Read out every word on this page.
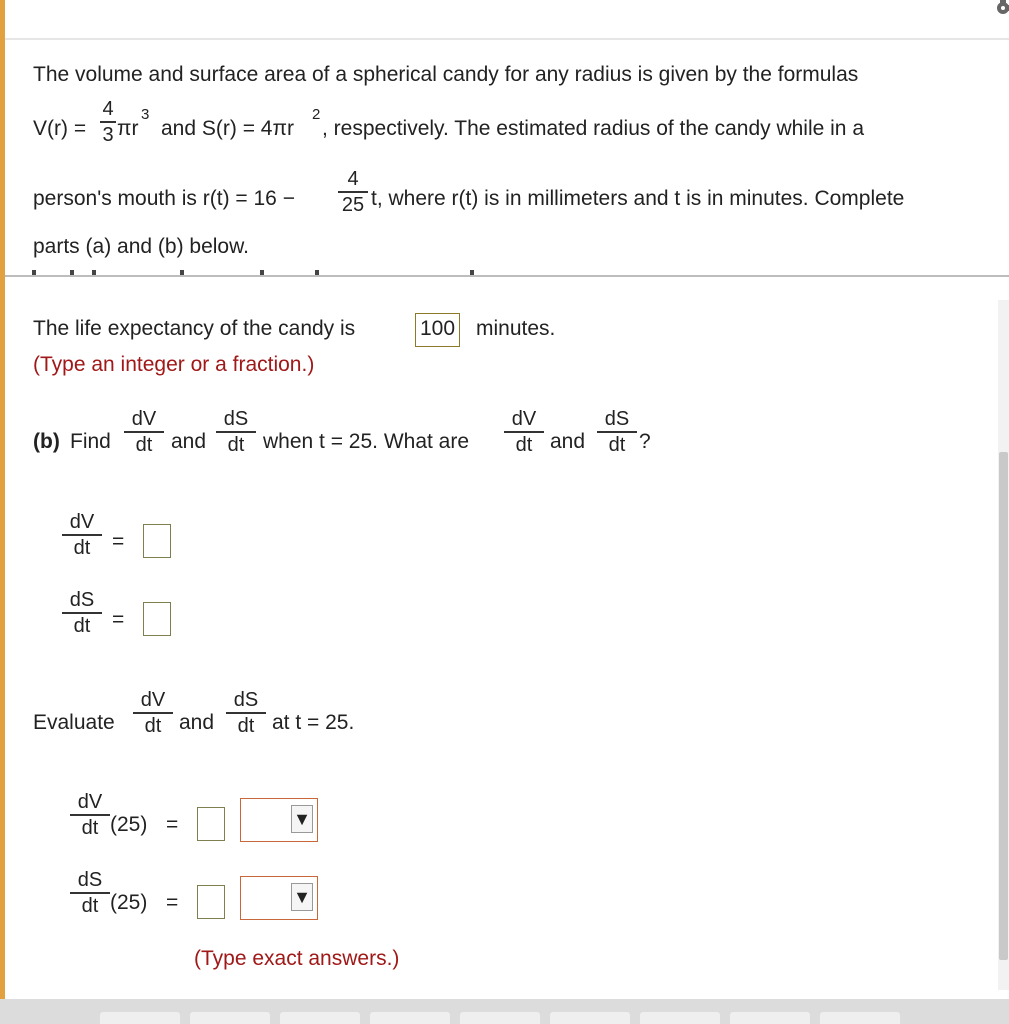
The volume and surface area of a spherical candy for any radius is given by the formulas
V(r) =
4
3 πr
3
and S(r) = 4πr
2
, respectively. The estimated radius of the candy while in a
person's mouth is r(t) = 16 −
4
25 t, where r(t) is in millimeters and t is in minutes. Complete
parts (a) and (b) below.
The life expectancy of the candy is	100 minutes.
(Type an integer or a fraction.)
(b) Find
dV
dt and
dS
dt when t = 25. What are
dV
dt and
dS
dt ?
dV
dt	=
dS
dt	=
Evaluate
dV
dt and
dS
dt at t = 25.
dV
dt (25) =	▼
dS
dt (25) =	▼
(Type exact answers.)
